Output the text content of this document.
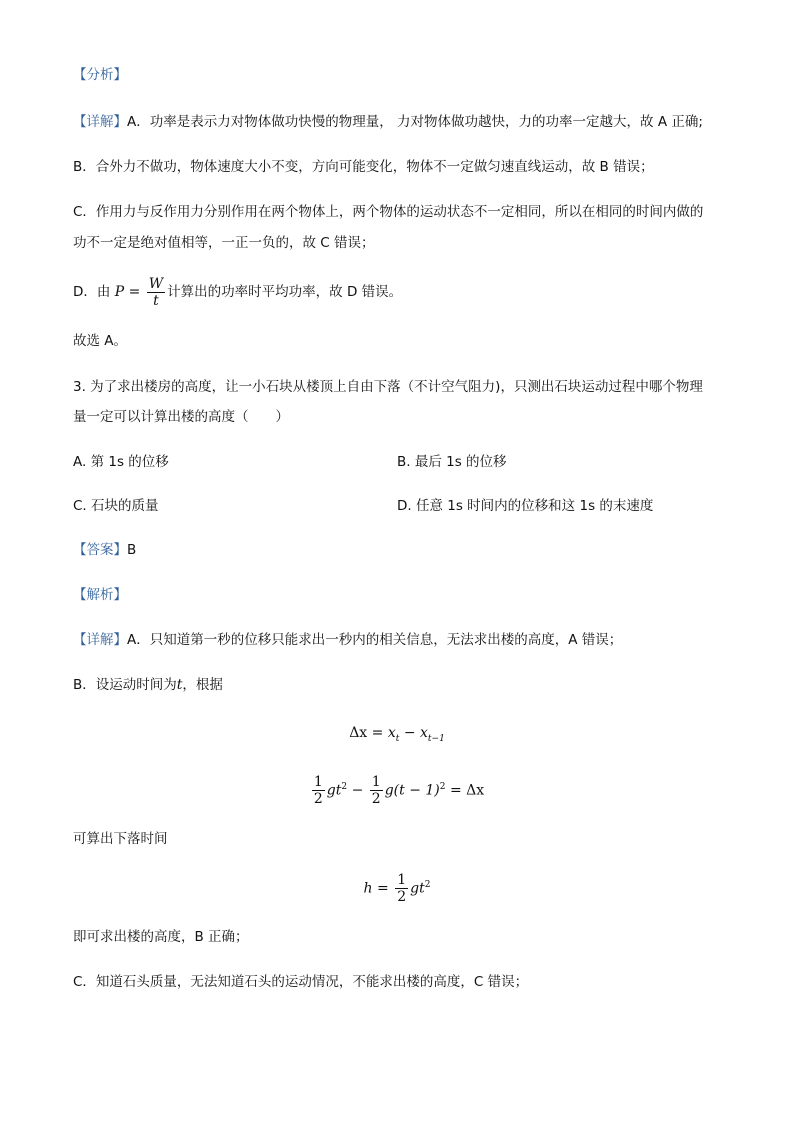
【分析】
【详解】A．功率是表示力对物体做功快慢的物理量， 力对物体做功越快，力的功率一定越大，故 A 正确;
B．合外力不做功，物体速度大小不变，方向可能变化，物体不一定做匀速直线运动，故 B 错误；
C．作用力与反作用力分别作用在两个物体上，两个物体的运动状态不一定相同，所以在相同的时间内做的
功不一定是绝对值相等，一正一负的，故 C 错误；
D．由 $P = \frac{W}{t}$ 计算出的功率时平均功率，故 D 错误。
故选 A。
3. 为了求出楼房的高度，让一小石块从楼顶上自由下落（不计空气阻力)，只测出石块运动过程中哪个物理
量一定可以计算出楼的高度（　　）
A. 第 1s 的位移	B. 最后 1s 的位移
C. 石块的质量	D. 任意 1s 时间内的位移和这 1s 的末速度
【答案】B
【解析】
【详解】A．只知道第一秒的位移只能求出一秒内的相关信息，无法求出楼的高度，A 错误；
B．设运动时间为t，根据
$\Delta x = x_t - x_{t-1}$
$\frac{1}{2} gt^2 - \frac{1}{2} g(t - 1)^2 = \Delta x$
可算出下落时间
$h = \frac{1}{2} gt^2$
即可求出楼的高度，B 正确；
C．知道石头质量，无法知道石头的运动情况，不能求出楼的高度，C 错误；
